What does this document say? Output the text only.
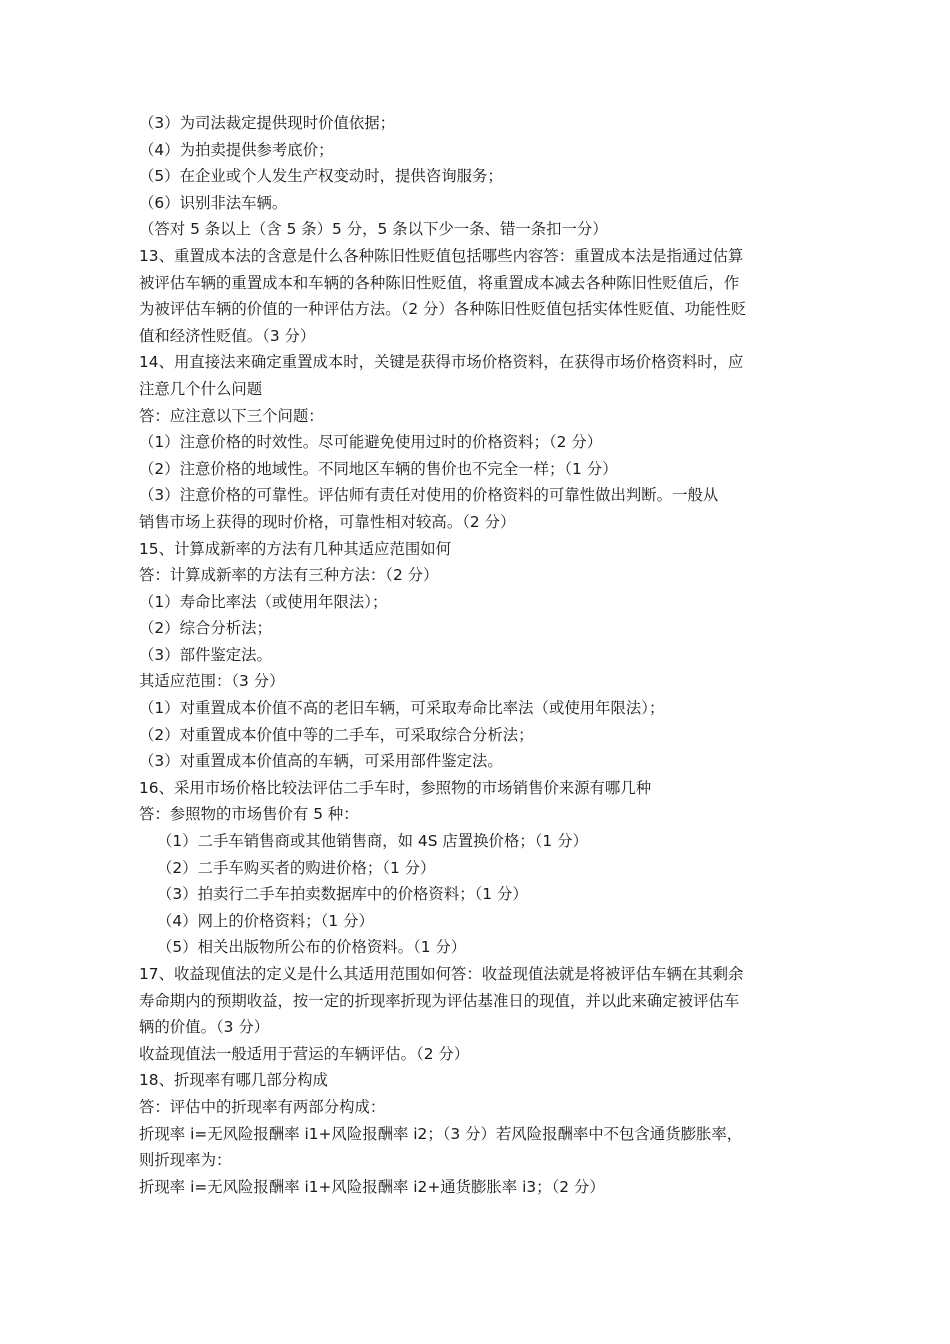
（3）为司法裁定提供现时价值依据；
（4）为拍卖提供参考底价；
（5）在企业或个人发生产权变动时，提供咨询服务；
（6）识别非法车辆。
（答对 5 条以上（含 5 条）5 分，5 条以下少一条、错一条扣一分）
13、重置成本法的含意是什么各种陈旧性贬值包括哪些内容答：重置成本法是指通过估算
被评估车辆的重置成本和车辆的各种陈旧性贬值，将重置成本减去各种陈旧性贬值后，作
为被评估车辆的价值的一种评估方法。（2 分）各种陈旧性贬值包括实体性贬值、功能性贬
值和经济性贬值。（3 分）
14、用直接法来确定重置成本时，关键是获得市场价格资料，在获得市场价格资料时，应
注意几个什么问题
答：应注意以下三个问题：
（1）注意价格的时效性。尽可能避免使用过时的价格资料；（2 分）
（2）注意价格的地域性。不同地区车辆的售价也不完全一样；（1 分）
（3）注意价格的可靠性。评估师有责任对使用的价格资料的可靠性做出判断。一般从
销售市场上获得的现时价格，可靠性相对较高。（2 分）
15、计算成新率的方法有几种其适应范围如何
答：计算成新率的方法有三种方法：（2 分）
（1）寿命比率法（或使用年限法）；
（2）综合分析法；
（3）部件鉴定法。
其适应范围：（3 分）
（1）对重置成本价值不高的老旧车辆，可采取寿命比率法（或使用年限法）；
（2）对重置成本价值中等的二手车，可采取综合分析法；
（3）对重置成本价值高的车辆，可采用部件鉴定法。
16、采用市场价格比较法评估二手车时，参照物的市场销售价来源有哪几种
答：参照物的市场售价有 5 种：
（1）二手车销售商或其他销售商，如 4S 店置换价格；（1 分）
（2）二手车购买者的购进价格；（1 分）
（3）拍卖行二手车拍卖数据库中的价格资料；（1 分）
（4）网上的价格资料；（1 分）
（5）相关出版物所公布的价格资料。（1 分）
17、收益现值法的定义是什么其适用范围如何答：收益现值法就是将被评估车辆在其剩余
寿命期内的预期收益，按一定的折现率折现为评估基准日的现值，并以此来确定被评估车
辆的价值。（3 分）
收益现值法一般适用于营运的车辆评估。（2 分）
18、折现率有哪几部分构成
答：评估中的折现率有两部分构成：
折现率 i=无风险报酬率 i1+风险报酬率 i2；（3 分）若风险报酬率中不包含通货膨胀率，
则折现率为：
折现率 i=无风险报酬率 i1+风险报酬率 i2+通货膨胀率 i3；（2 分）
